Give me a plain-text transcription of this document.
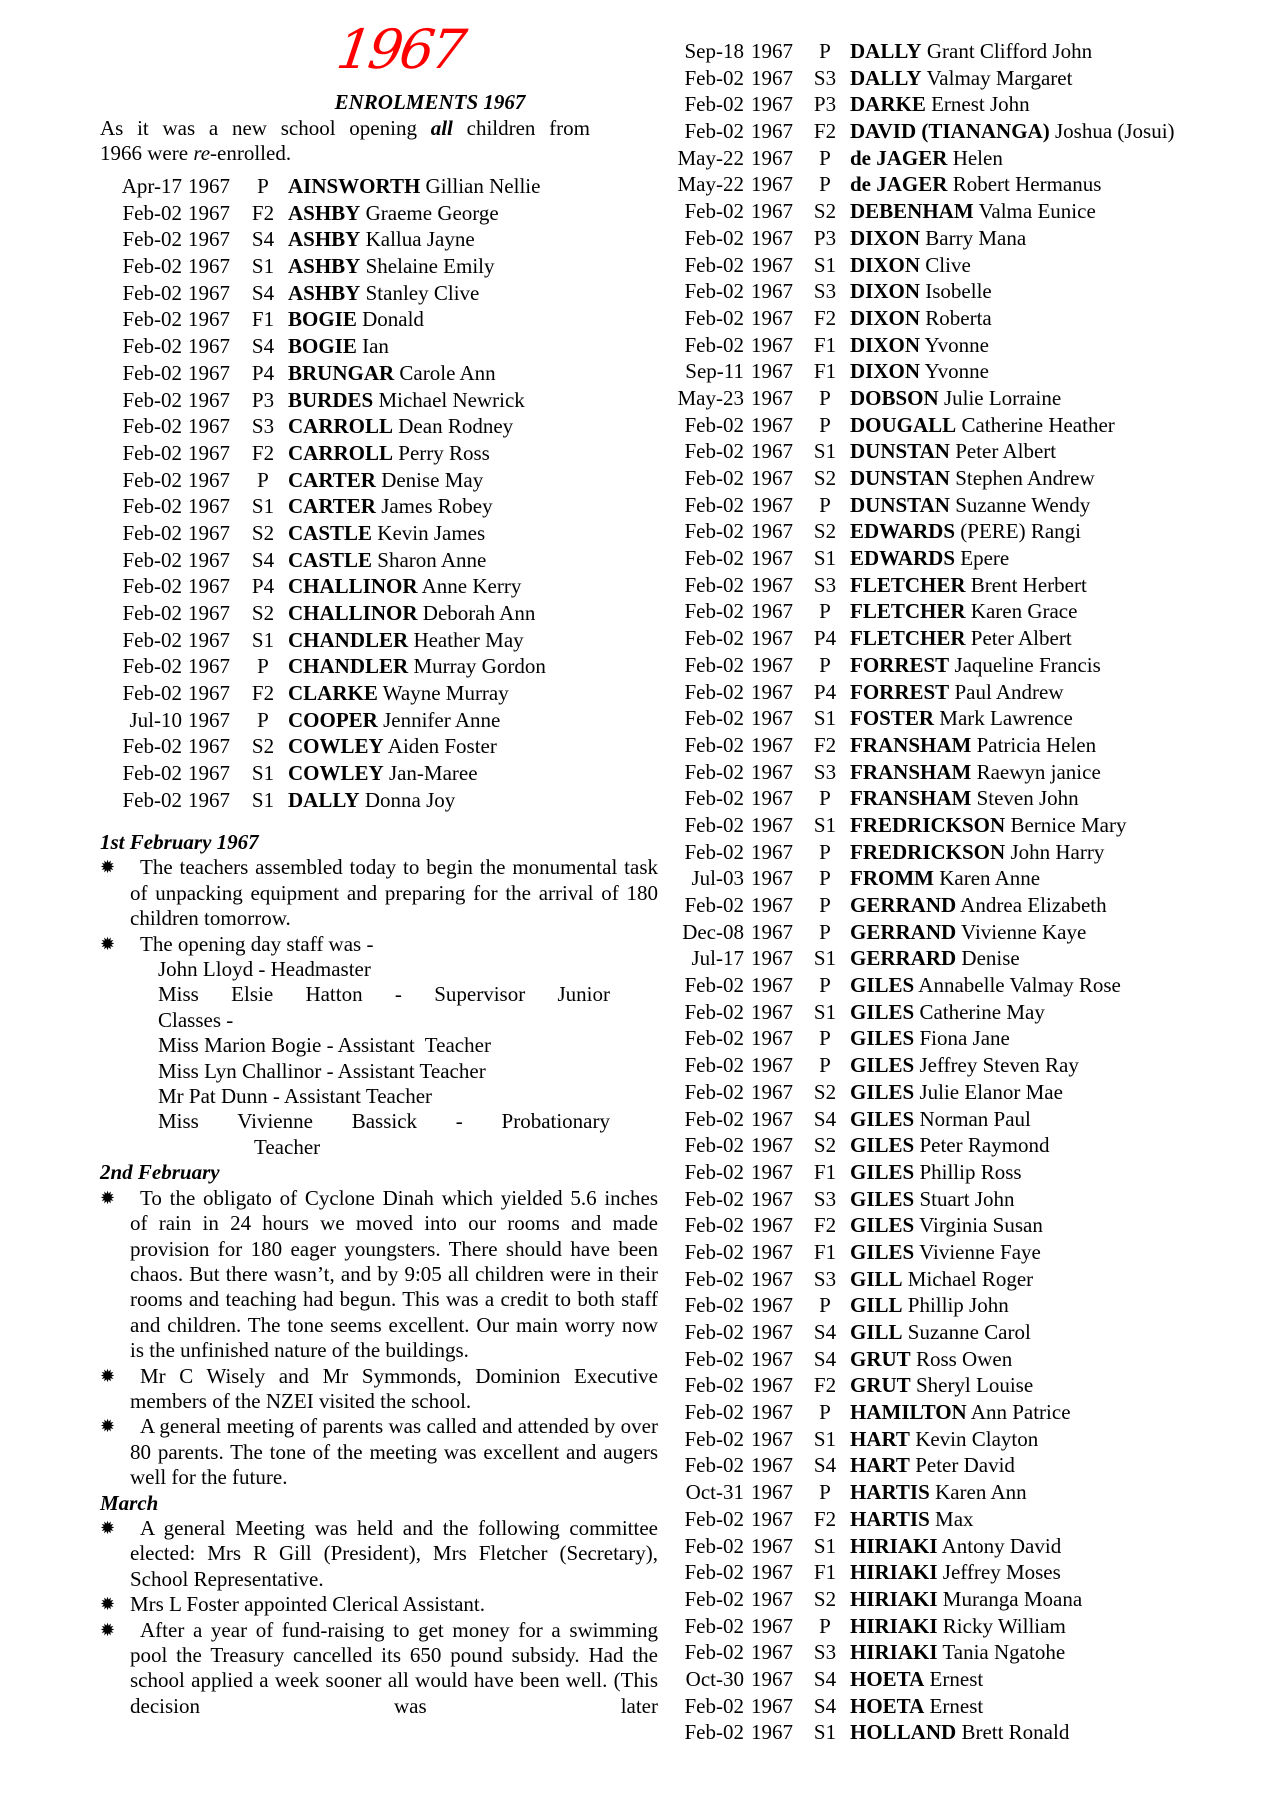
1967
ENROLMENTS 1967
As it was a new school opening all children from
1966 were re-enrolled.
Apr-17 1967	P AINSWORTH Gillian Nellie
Feb-02 1967 F2 ASHBY Graeme George
Feb-02 1967 S4 ASHBY Kallua Jayne
Feb-02 1967 S1 ASHBY Shelaine Emily
Feb-02 1967 S4 ASHBY Stanley Clive
Feb-02 1967 F1 BOGIE Donald
Feb-02 1967 S4 BOGIE Ian
Feb-02 1967 P4 BRUNGAR Carole Ann
Feb-02 1967 P3 BURDES Michael Newrick
Feb-02 1967 S3 CARROLL Dean Rodney
Feb-02 1967 F2 CARROLL Perry Ross
Feb-02 1967	P CARTER Denise May
Feb-02 1967 S1 CARTER James Robey
Feb-02 1967 S2 CASTLE Kevin James
Feb-02 1967 S4 CASTLE Sharon Anne
Feb-02 1967 P4 CHALLINOR Anne Kerry
Feb-02 1967 S2 CHALLINOR Deborah Ann
Feb-02 1967 S1 CHANDLER Heather May
Feb-02 1967	P CHANDLER Murray Gordon
Feb-02 1967 F2 CLARKE Wayne Murray
Jul-10 1967	P COOPER Jennifer Anne
Feb-02 1967 S2 COWLEY Aiden Foster
Feb-02 1967 S1 COWLEY Jan-Maree
Feb-02 1967 S1 DALLY Donna Joy
Sep-18 1967	P DALLY Grant Clifford John
Feb-02 1967 S3 DALLY Valmay Margaret
Feb-02 1967 P3 DARKE Ernest John
Feb-02 1967 F2 DAVID (TIANANGA) Joshua (Josui)
May-22 1967	P de JAGER Helen
May-22 1967	P de JAGER Robert Hermanus
Feb-02 1967 S2 DEBENHAM Valma Eunice
Feb-02 1967 P3 DIXON Barry Mana
Feb-02 1967 S1 DIXON Clive
Feb-02 1967 S3 DIXON Isobelle
Feb-02 1967 F2 DIXON Roberta
Feb-02 1967 F1 DIXON Yvonne
Sep-11 1967 F1 DIXON Yvonne
May-23 1967	P DOBSON Julie Lorraine
Feb-02 1967	P DOUGALL Catherine Heather
Feb-02 1967 S1 DUNSTAN Peter Albert
Feb-02 1967 S2 DUNSTAN Stephen Andrew
Feb-02 1967	P DUNSTAN Suzanne Wendy
Feb-02 1967 S2 EDWARDS (PERE) Rangi
Feb-02 1967 S1 EDWARDS Epere
Feb-02 1967 S3 FLETCHER Brent Herbert
Feb-02 1967	P FLETCHER Karen Grace
Feb-02 1967 P4 FLETCHER Peter Albert
Feb-02 1967	P FORREST Jaqueline Francis
Feb-02 1967 P4 FORREST Paul Andrew
Feb-02 1967 S1 FOSTER Mark Lawrence
Feb-02 1967 F2 FRANSHAM Patricia Helen
Feb-02 1967 S3 FRANSHAM Raewyn janice
Feb-02 1967	P FRANSHAM Steven John
Feb-02 1967 S1 FREDRICKSON Bernice Mary
Feb-02 1967	P FREDRICKSON John Harry
Jul-03 1967	P FROMM Karen Anne
Feb-02 1967	P GERRAND Andrea Elizabeth
Dec-08 1967	P GERRAND Vivienne Kaye
Jul-17 1967 S1 GERRARD Denise
Feb-02 1967	P GILES Annabelle Valmay Rose
Feb-02 1967 S1 GILES Catherine May
Feb-02 1967	P GILES Fiona Jane
Feb-02 1967	P GILES Jeffrey Steven Ray
Feb-02 1967 S2 GILES Julie Elanor Mae
Feb-02 1967 S4 GILES Norman Paul
Feb-02 1967 S2 GILES Peter Raymond
Feb-02 1967 F1 GILES Phillip Ross
Feb-02 1967 S3 GILES Stuart John
Feb-02 1967 F2 GILES Virginia Susan
Feb-02 1967 F1 GILES Vivienne Faye
Feb-02 1967 S3 GILL Michael Roger
Feb-02 1967	P GILL Phillip John
Feb-02 1967 S4 GILL Suzanne Carol
Feb-02 1967 S4 GRUT Ross Owen
Feb-02 1967 F2 GRUT Sheryl Louise
Feb-02 1967	P HAMILTON Ann Patrice
Feb-02 1967 S1 HART Kevin Clayton
Feb-02 1967 S4 HART Peter David
Oct-31 1967	P HARTIS Karen Ann
Feb-02 1967 F2 HARTIS Max
Feb-02 1967 S1 HIRIAKI Antony David
Feb-02 1967 F1 HIRIAKI Jeffrey Moses
Feb-02 1967 S2 HIRIAKI Muranga Moana
Feb-02 1967	P HIRIAKI Ricky William
Feb-02 1967 S3 HIRIAKI Tania Ngatohe
Oct-30 1967 S4 HOETA Ernest
Feb-02 1967 S4 HOETA Ernest
Feb-02 1967 S1 HOLLAND Brett Ronald
1st February 1967
✹	The teachers assembled today to begin the monumental task of unpacking equipment and preparing for the arrival of 180 children tomorrow.
✹	The opening day staff was -
John Lloyd - Headmaster
Miss Elsie Hatton - Supervisor Junior
Classes -
Miss Marion Bogie - Assistant  Teacher
Miss Lyn Challinor - Assistant Teacher
Mr Pat Dunn - Assistant Teacher
Miss Vivienne Bassick - Probationary
Teacher
2nd February
✹	To the obligato of Cyclone Dinah which yielded 5.6 inches of rain in 24 hours we moved into our rooms and made provision for 180 eager youngsters. There should have been chaos. But there wasn’t, and by 9:05 all children were in their rooms and teaching had begun. This was a credit to both staff and children. The tone seems excellent. Our main worry now is the unfinished nature of the buildings.
✹	Mr C Wisely and Mr Symmonds, Dominion Executive members of the NZEI visited the school.
✹	A general meeting of parents was called and attended by over 80 parents. The tone of the meeting was excellent and augers well for the future.
March
✹	A general Meeting was held and the following committee elected: Mrs R Gill (President), Mrs Fletcher (Secretary), School Representative.
✹ Mrs L Foster appointed Clerical Assistant.
✹	After a year of fund-raising to get money for a swimming pool the Treasury cancelled its 650 pound subsidy. Had the school applied a week sooner all would have been well. (This decision was later
